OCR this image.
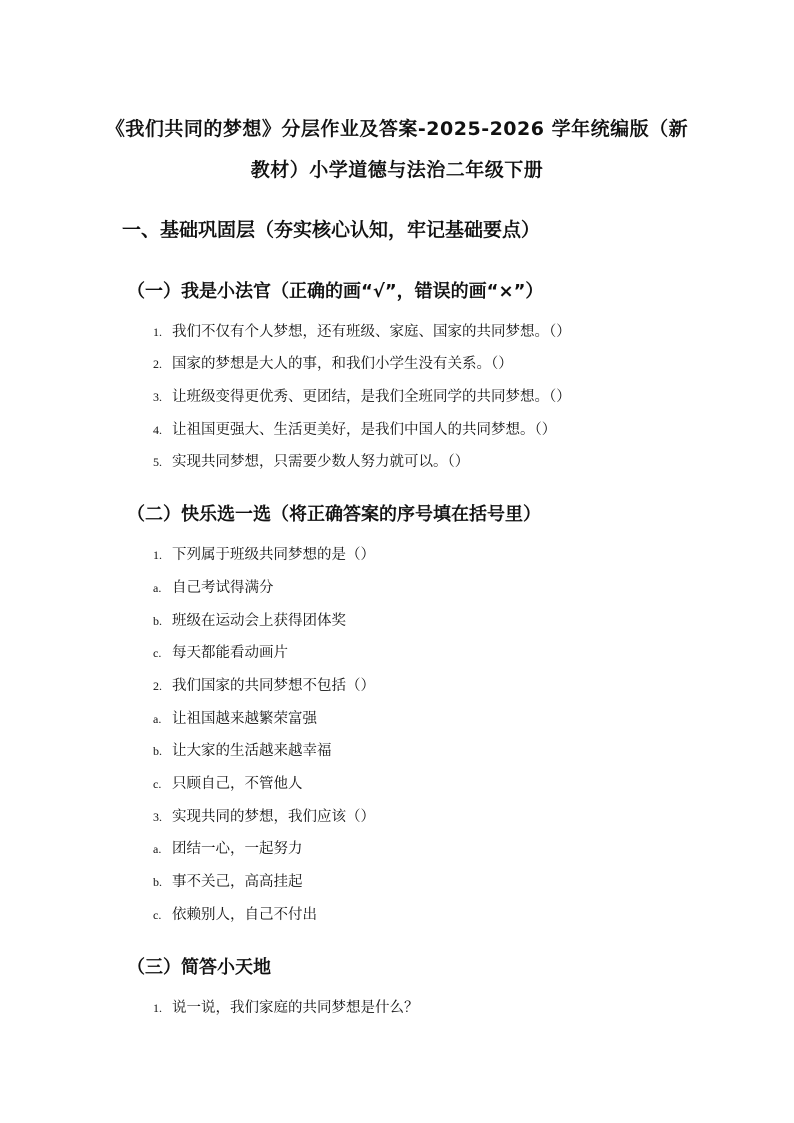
《我们共同的梦想》分层作业及答案-2025-2026 学年统编版（新
教材）小学道德与法治二年级下册
一、基础巩固层（夯实核心认知，牢记基础要点）
（一）我是小法官（正确的画“√”，错误的画“×”）
1. 我们不仅有个人梦想，还有班级、家庭、国家的共同梦想。（）
2. 国家的梦想是大人的事，和我们小学生没有关系。（）
3. 让班级变得更优秀、更团结，是我们全班同学的共同梦想。（）
4. 让祖国更强大、生活更美好，是我们中国人的共同梦想。（）
5. 实现共同梦想，只需要少数人努力就可以。（）
（二）快乐选一选（将正确答案的序号填在括号里）
1. 下列属于班级共同梦想的是（）
a. 自己考试得满分
b. 班级在运动会上获得团体奖
c. 每天都能看动画片
2. 我们国家的共同梦想不包括（）
a. 让祖国越来越繁荣富强
b. 让大家的生活越来越幸福
c. 只顾自己，不管他人
3. 实现共同的梦想，我们应该（）
a. 团结一心，一起努力
b. 事不关己，高高挂起
c. 依赖别人，自己不付出
（三）简答小天地
1. 说一说，我们家庭的共同梦想是什么？
